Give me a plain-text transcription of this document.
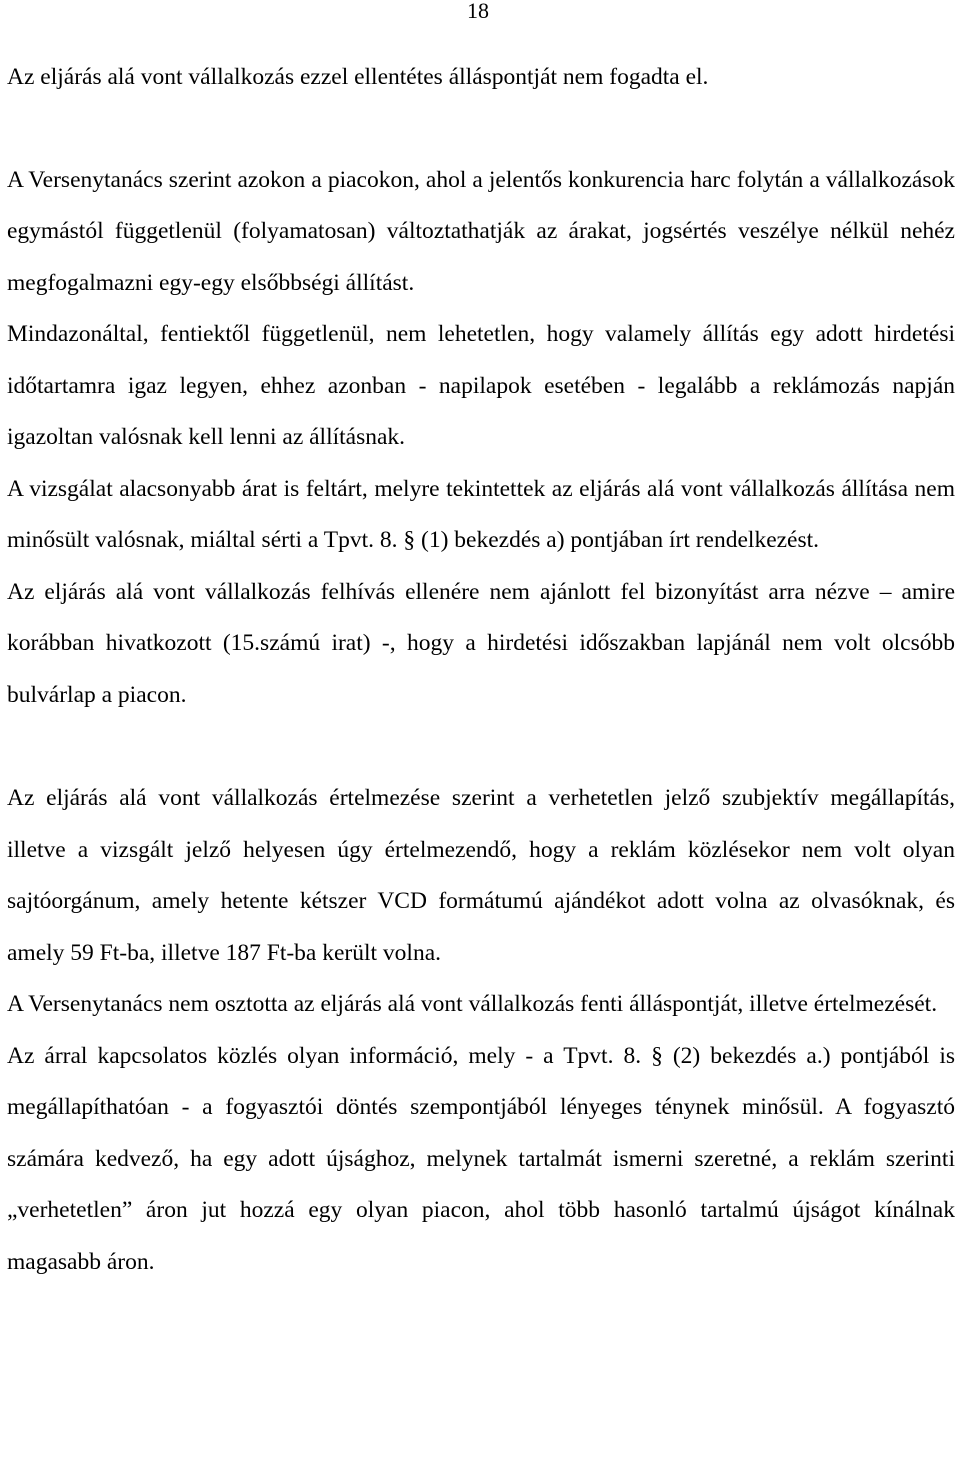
18

Az eljárás alá vont vállalkozás ezzel ellentétes álláspontját nem fogadta el.

A Versenytanács szerint azokon a piacokon, ahol a jelentős konkurencia harc folytán a vállalkozások egymástól függetlenül (folyamatosan) változtathatják az árakat, jogsértés veszélye nélkül nehéz megfogalmazni egy-egy elsőbbségi állítást.

Mindazonáltal, fentiektől függetlenül, nem lehetetlen, hogy valamely állítás egy adott hirdetési időtartamra igaz legyen, ehhez azonban - napilapok esetében - legalább a reklámozás napján igazoltan valósnak kell lenni az állításnak.

A vizsgálat alacsonyabb árat is feltárt, melyre tekintettek az eljárás alá vont vállalkozás állítása nem minősült valósnak, miáltal sérti a Tpvt. 8. § (1) bekezdés a) pontjában írt rendelkezést.

Az eljárás alá vont vállalkozás felhívás ellenére nem ajánlott fel bizonyítást arra nézve – amire korábban hivatkozott (15.számú irat) -, hogy a hirdetési időszakban lapjánál nem volt olcsóbb bulvárlap a piacon.

Az eljárás alá vont vállalkozás értelmezése szerint a verhetetlen jelző szubjektív megállapítás, illetve a vizsgált jelző helyesen úgy értelmezendő, hogy a reklám közlésekor nem volt olyan sajtóorgánum, amely hetente kétszer VCD formátumú ajándékot adott volna az olvasóknak, és amely 59 Ft-ba, illetve 187 Ft-ba került volna.

A Versenytanács nem osztotta az eljárás alá vont vállalkozás fenti álláspontját, illetve értelmezését.

Az árral kapcsolatos közlés olyan információ, mely - a Tpvt. 8. § (2) bekezdés a.) pontjából is megállapíthatóan - a fogyasztói döntés szempontjából lényeges ténynek minősül. A fogyasztó számára kedvező, ha egy adott újsághoz, melynek tartalmát ismerni szeretné, a reklám szerinti „verhetetlen” áron jut hozzá egy olyan piacon, ahol több hasonló tartalmú újságot kínálnak magasabb áron.
